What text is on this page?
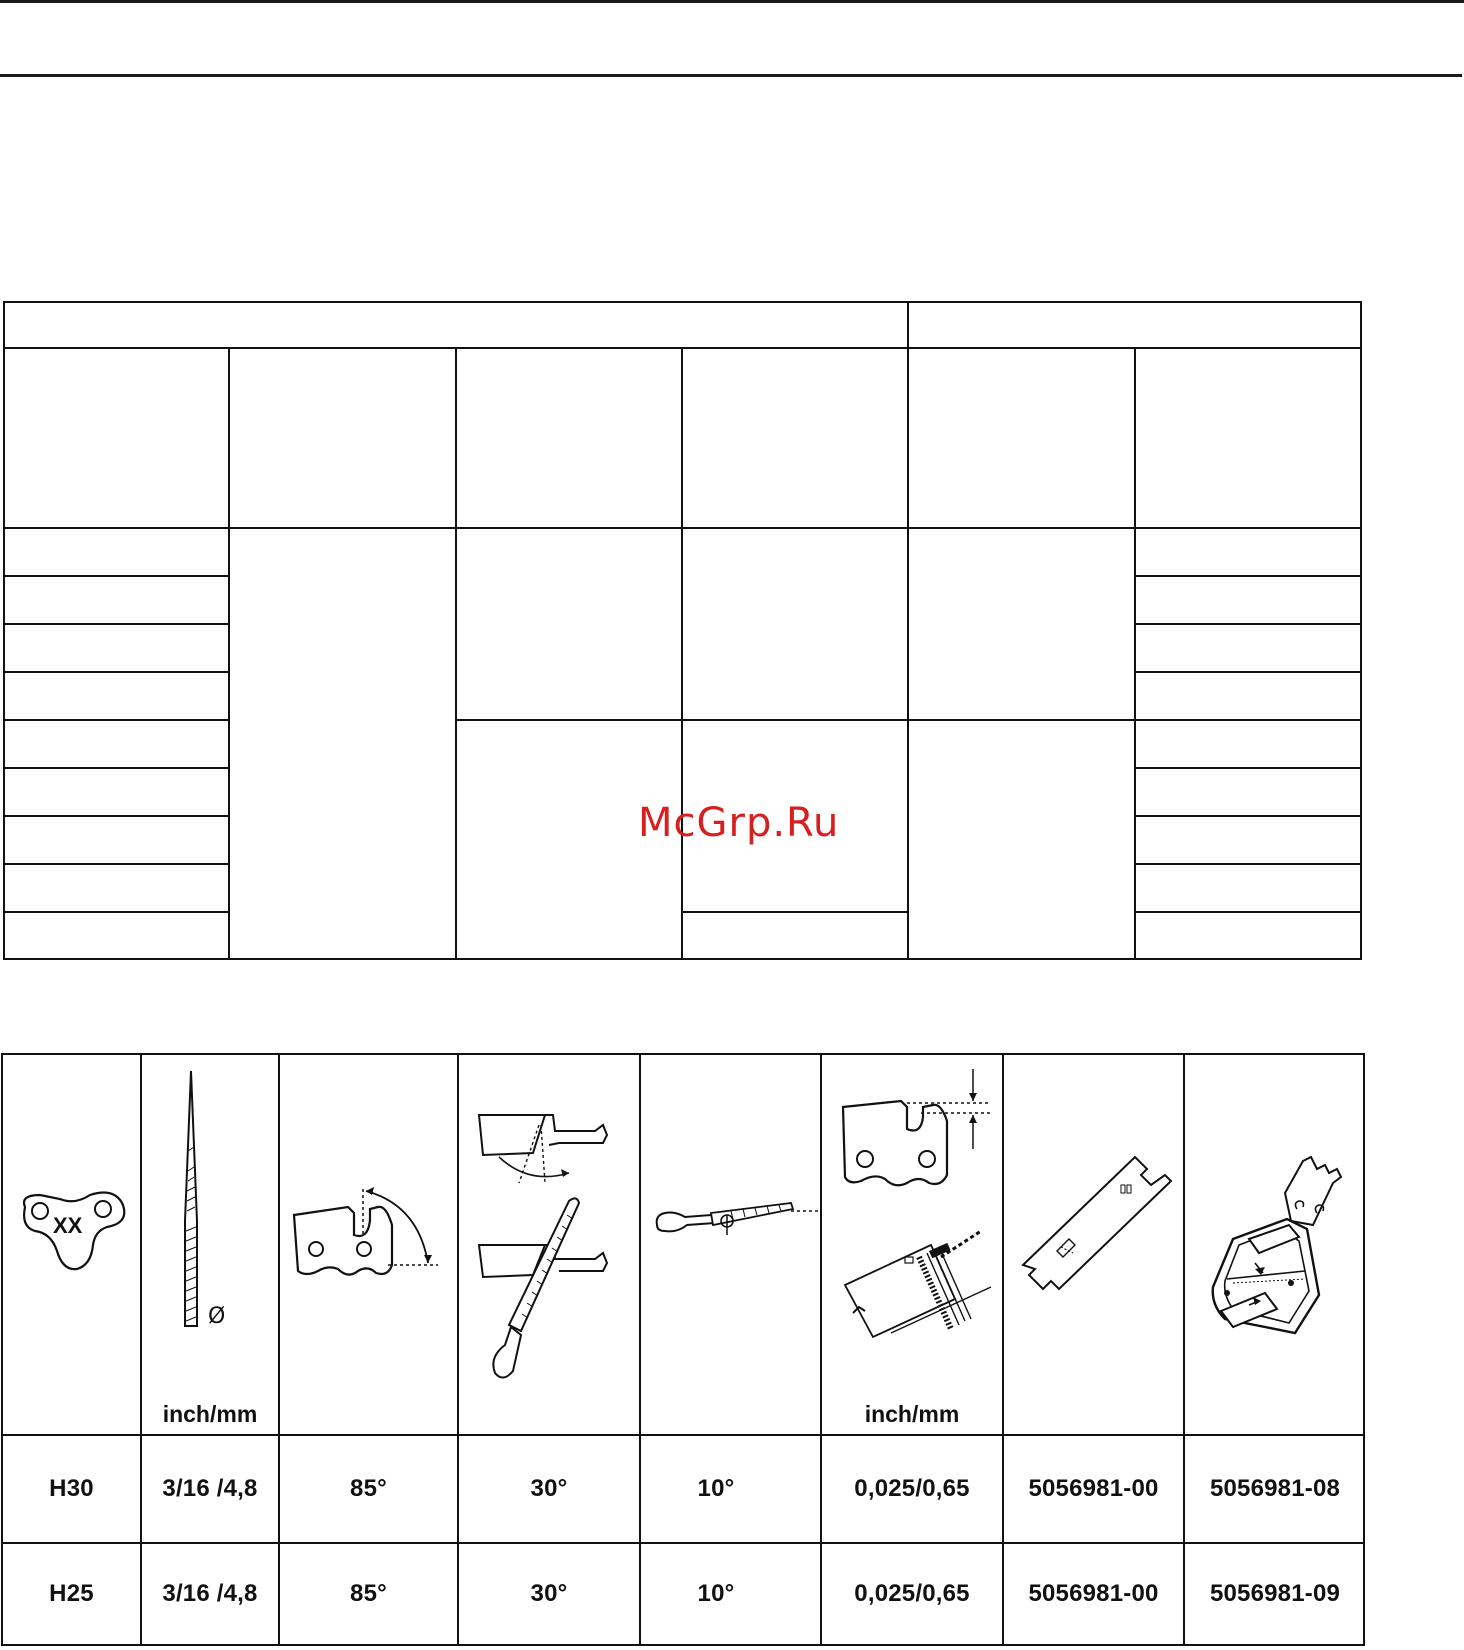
McGrp.Ru
XX
Ø
inch/mm	inch/mm
H30	3/16 /4,8	85°	30°	10°	0,025/0,65	5056981-00	5056981-08
H25	3/16 /4,8	85°	30°	10°	0,025/0,65	5056981-00	5056981-09
